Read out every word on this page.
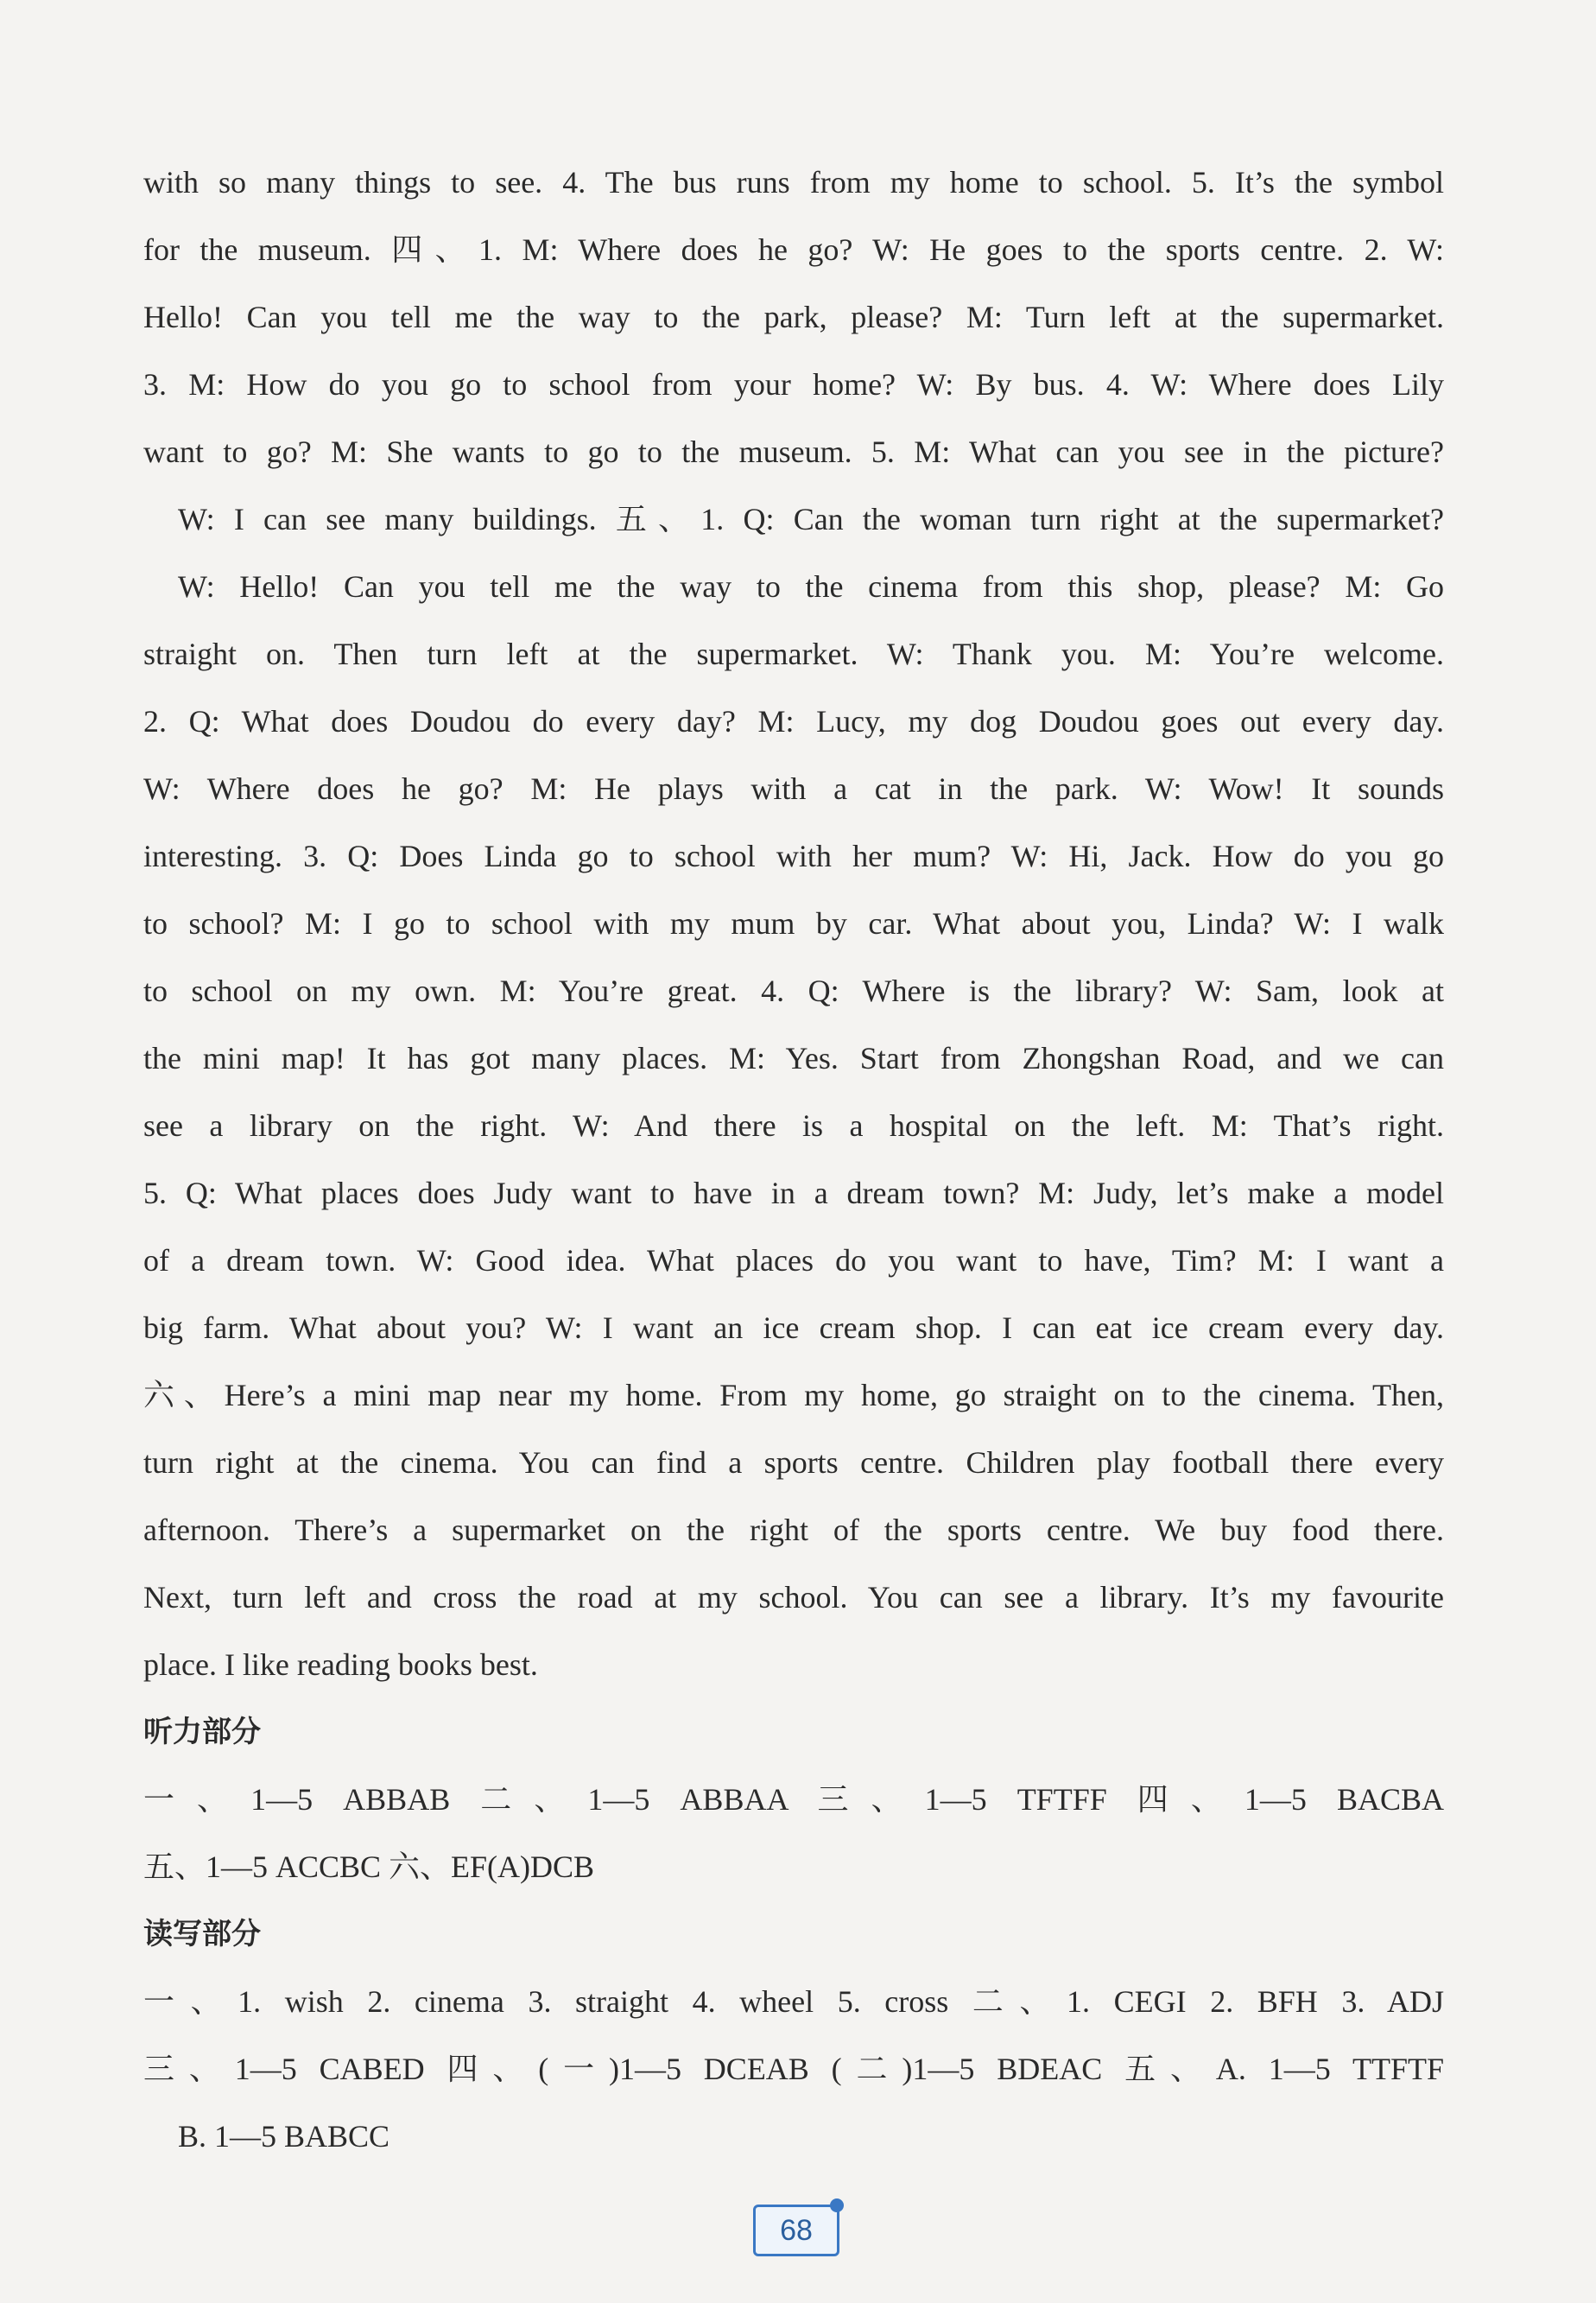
with so many things to see. 4. The bus runs from my home to school. 5. It’s the symbol
for the museum. 四、1. M: Where does he go? W: He goes to the sports centre. 2. W:
Hello! Can you tell me the way to the park, please? M: Turn left at the supermarket.
3. M: How do you go to school from your home? W: By bus. 4. W: Where does Lily
want to go? M: She wants to go to the museum. 5. M: What can you see in the picture?
W: I can see many buildings. 五、1. Q: Can the woman turn right at the supermarket?
W: Hello! Can you tell me the way to the cinema from this shop, please? M: Go
straight on. Then turn left at the supermarket. W: Thank you. M: You’re welcome.
2. Q: What does Doudou do every day? M: Lucy, my dog Doudou goes out every day.
W: Where does he go? M: He plays with a cat in the park. W: Wow! It sounds
interesting. 3. Q: Does Linda go to school with her mum? W: Hi, Jack. How do you go
to school? M: I go to school with my mum by car. What about you, Linda? W: I walk
to school on my own. M: You’re great. 4. Q: Where is the library? W: Sam, look at
the mini map! It has got many places. M: Yes. Start from Zhongshan Road, and we can
see a library on the right. W: And there is a hospital on the left. M: That’s right.
5. Q: What places does Judy want to have in a dream town? M: Judy, let’s make a model
of a dream town. W: Good idea. What places do you want to have, Tim? M: I want a
big farm. What about you? W: I want an ice cream shop. I can eat ice cream every day.
六、Here’s a mini map near my home. From my home, go straight on to the cinema. Then,
turn right at the cinema. You can find a sports centre. Children play football there every
afternoon. There’s a supermarket on the right of the sports centre. We buy food there.
Next, turn left and cross the road at my school. You can see a library. It’s my favourite
place. I like reading books best.
听力部分
一、1—5 ABBAB 二、1—5 ABBAA 三、1—5 TFTFF 四、1—5 BACBA
五、1—5 ACCBC 六、EF(A)DCB
读写部分
一、1. wish 2. cinema 3. straight 4. wheel 5. cross 二、1. CEGI 2. BFH 3. ADJ
三、1—5 CABED 四、(一)1—5 DCEAB (二)1—5 BDEAC 五、A. 1—5 TTFTF
B. 1—5 BABCC
68
